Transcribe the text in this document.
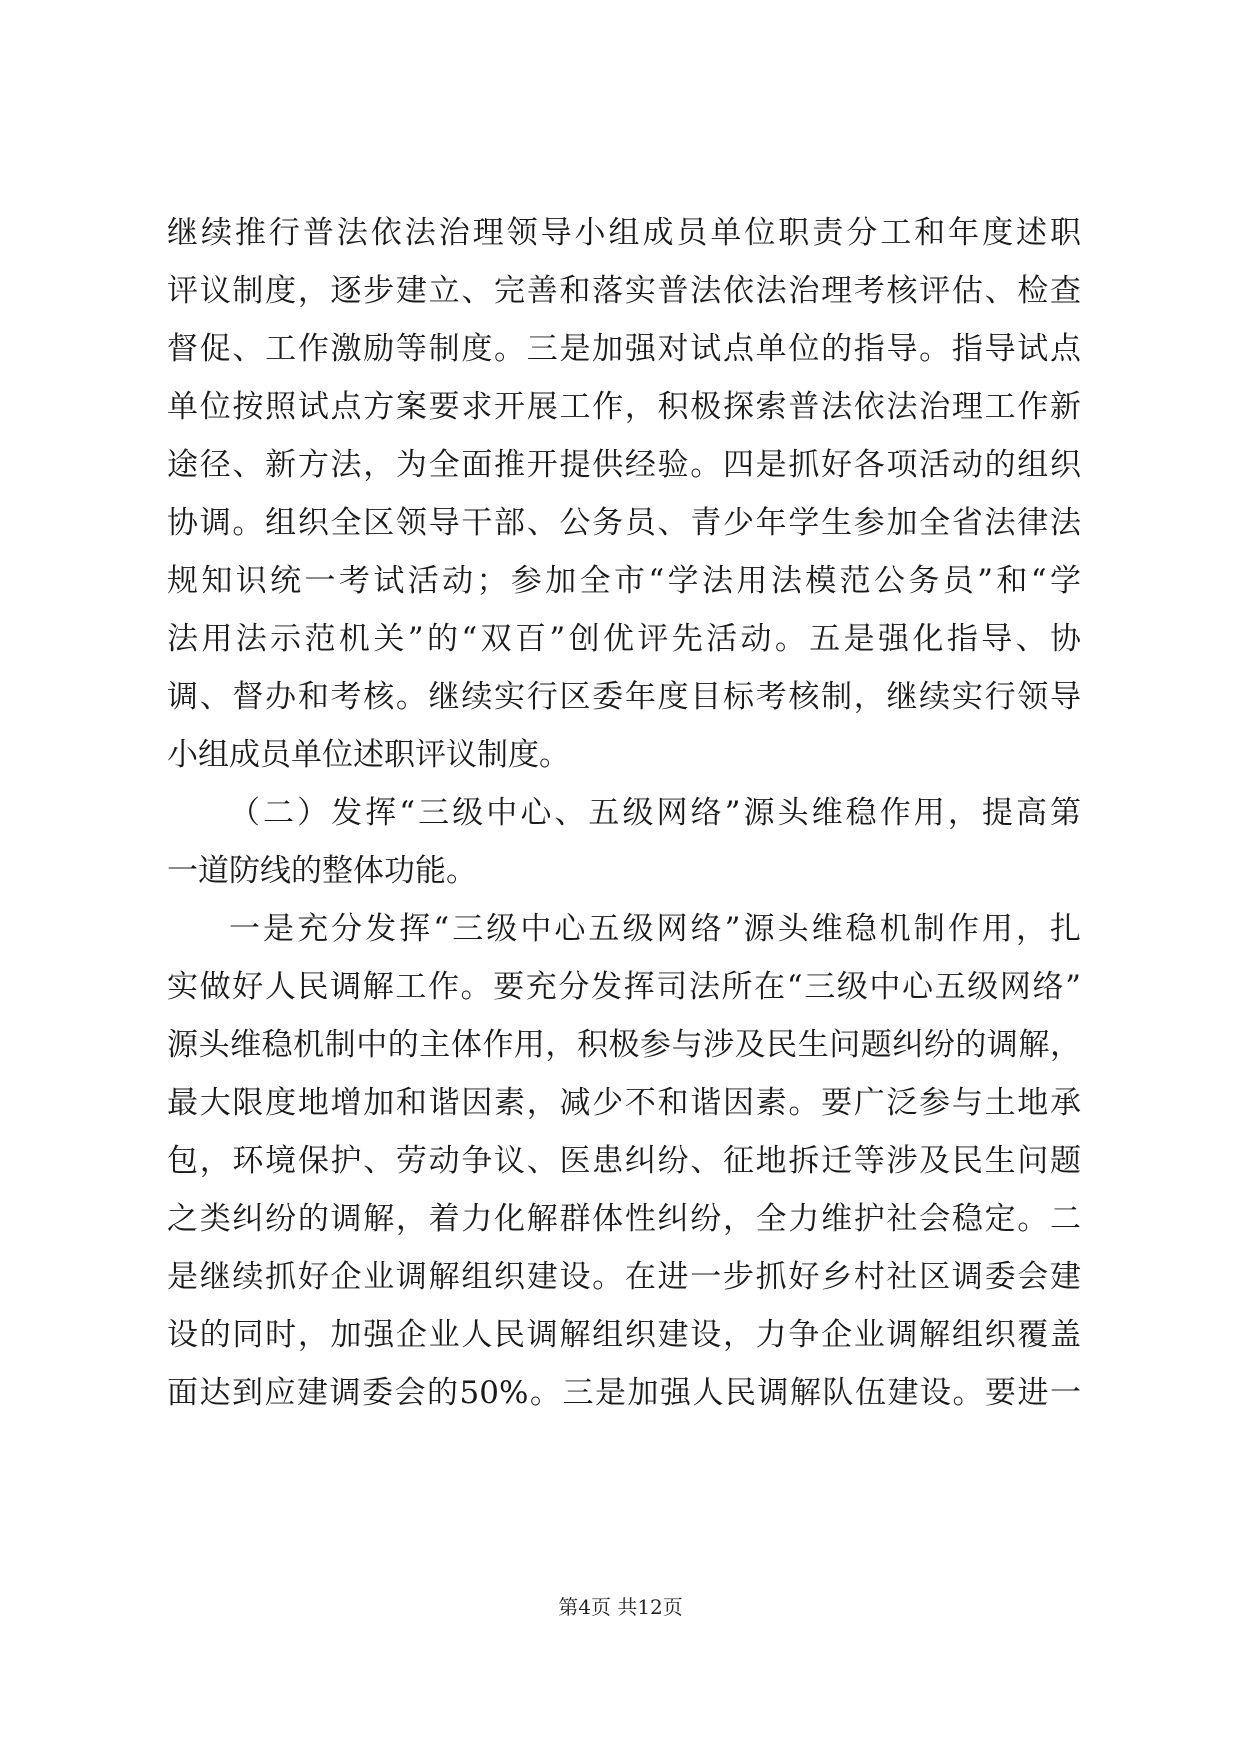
继续推行普法依法治理领导小组成员单位职责分工和年度述职
评议制度，逐步建立、完善和落实普法依法治理考核评估、检查
督促、工作激励等制度。三是加强对试点单位的指导。指导试点
单位按照试点方案要求开展工作，积极探索普法依法治理工作新
途径、新方法，为全面推开提供经验。四是抓好各项活动的组织
协调。组织全区领导干部、公务员、青少年学生参加全省法律法
规知识统一考试活动；参加全市“学法用法模范公务员”和“学
法用法示范机关”的“双百”创优评先活动。五是强化指导、协
调、督办和考核。继续实行区委年度目标考核制，继续实行领导
小组成员单位述职评议制度。
（二）发挥“三级中心、五级网络”源头维稳作用，提高第
一道防线的整体功能。
一是充分发挥“三级中心五级网络”源头维稳机制作用，扎
实做好人民调解工作。要充分发挥司法所在“三级中心五级网络”
源头维稳机制中的主体作用，积极参与涉及民生问题纠纷的调解，
最大限度地增加和谐因素，减少不和谐因素。要广泛参与土地承
包，环境保护、劳动争议、医患纠纷、征地拆迁等涉及民生问题
之类纠纷的调解，着力化解群体性纠纷，全力维护社会稳定。二
是继续抓好企业调解组织建设。在进一步抓好乡村社区调委会建
设的同时，加强企业人民调解组织建设，力争企业调解组织覆盖
面达到应建调委会的50%。三是加强人民调解队伍建设。要进一
第4页 共12页
